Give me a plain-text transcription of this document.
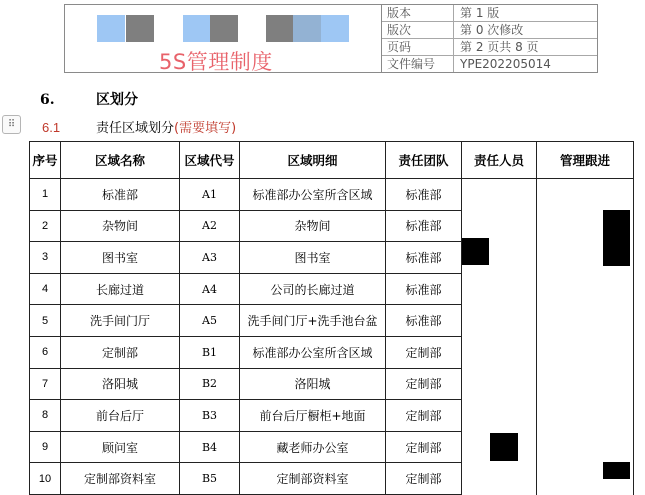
5S管理制度
版本	第 1 版
版次	第 0 次修改
页码	第 2 页共 8 页
文件编号	YPE202205014
6.	区划分
⠿	6.1	责任区域划分(需要填写)
序号	区域名称	区域代号	区域明细	责任团队	责任人员	管理跟进
1	标准部	A1	标准部办公室所含区域	标准部		
2	杂物间	A2	杂物间	标准部		
3	图书室	A3	图书室	标准部		
4	长廊过道	A4	公司的长廊过道	标准部		
5	洗手间门厅	A5	洗手间门厅+洗手池台盆	标准部		
6	定制部	B1	标准部办公室所含区域	定制部		
7	洛阳城	B2	洛阳城	定制部		
8	前台后厅	B3	前台后厅橱柜+地面	定制部		
9	顾问室	B4	藏老师办公室	定制部		
10	定制部资料室	B5	定制部资料室	定制部		
